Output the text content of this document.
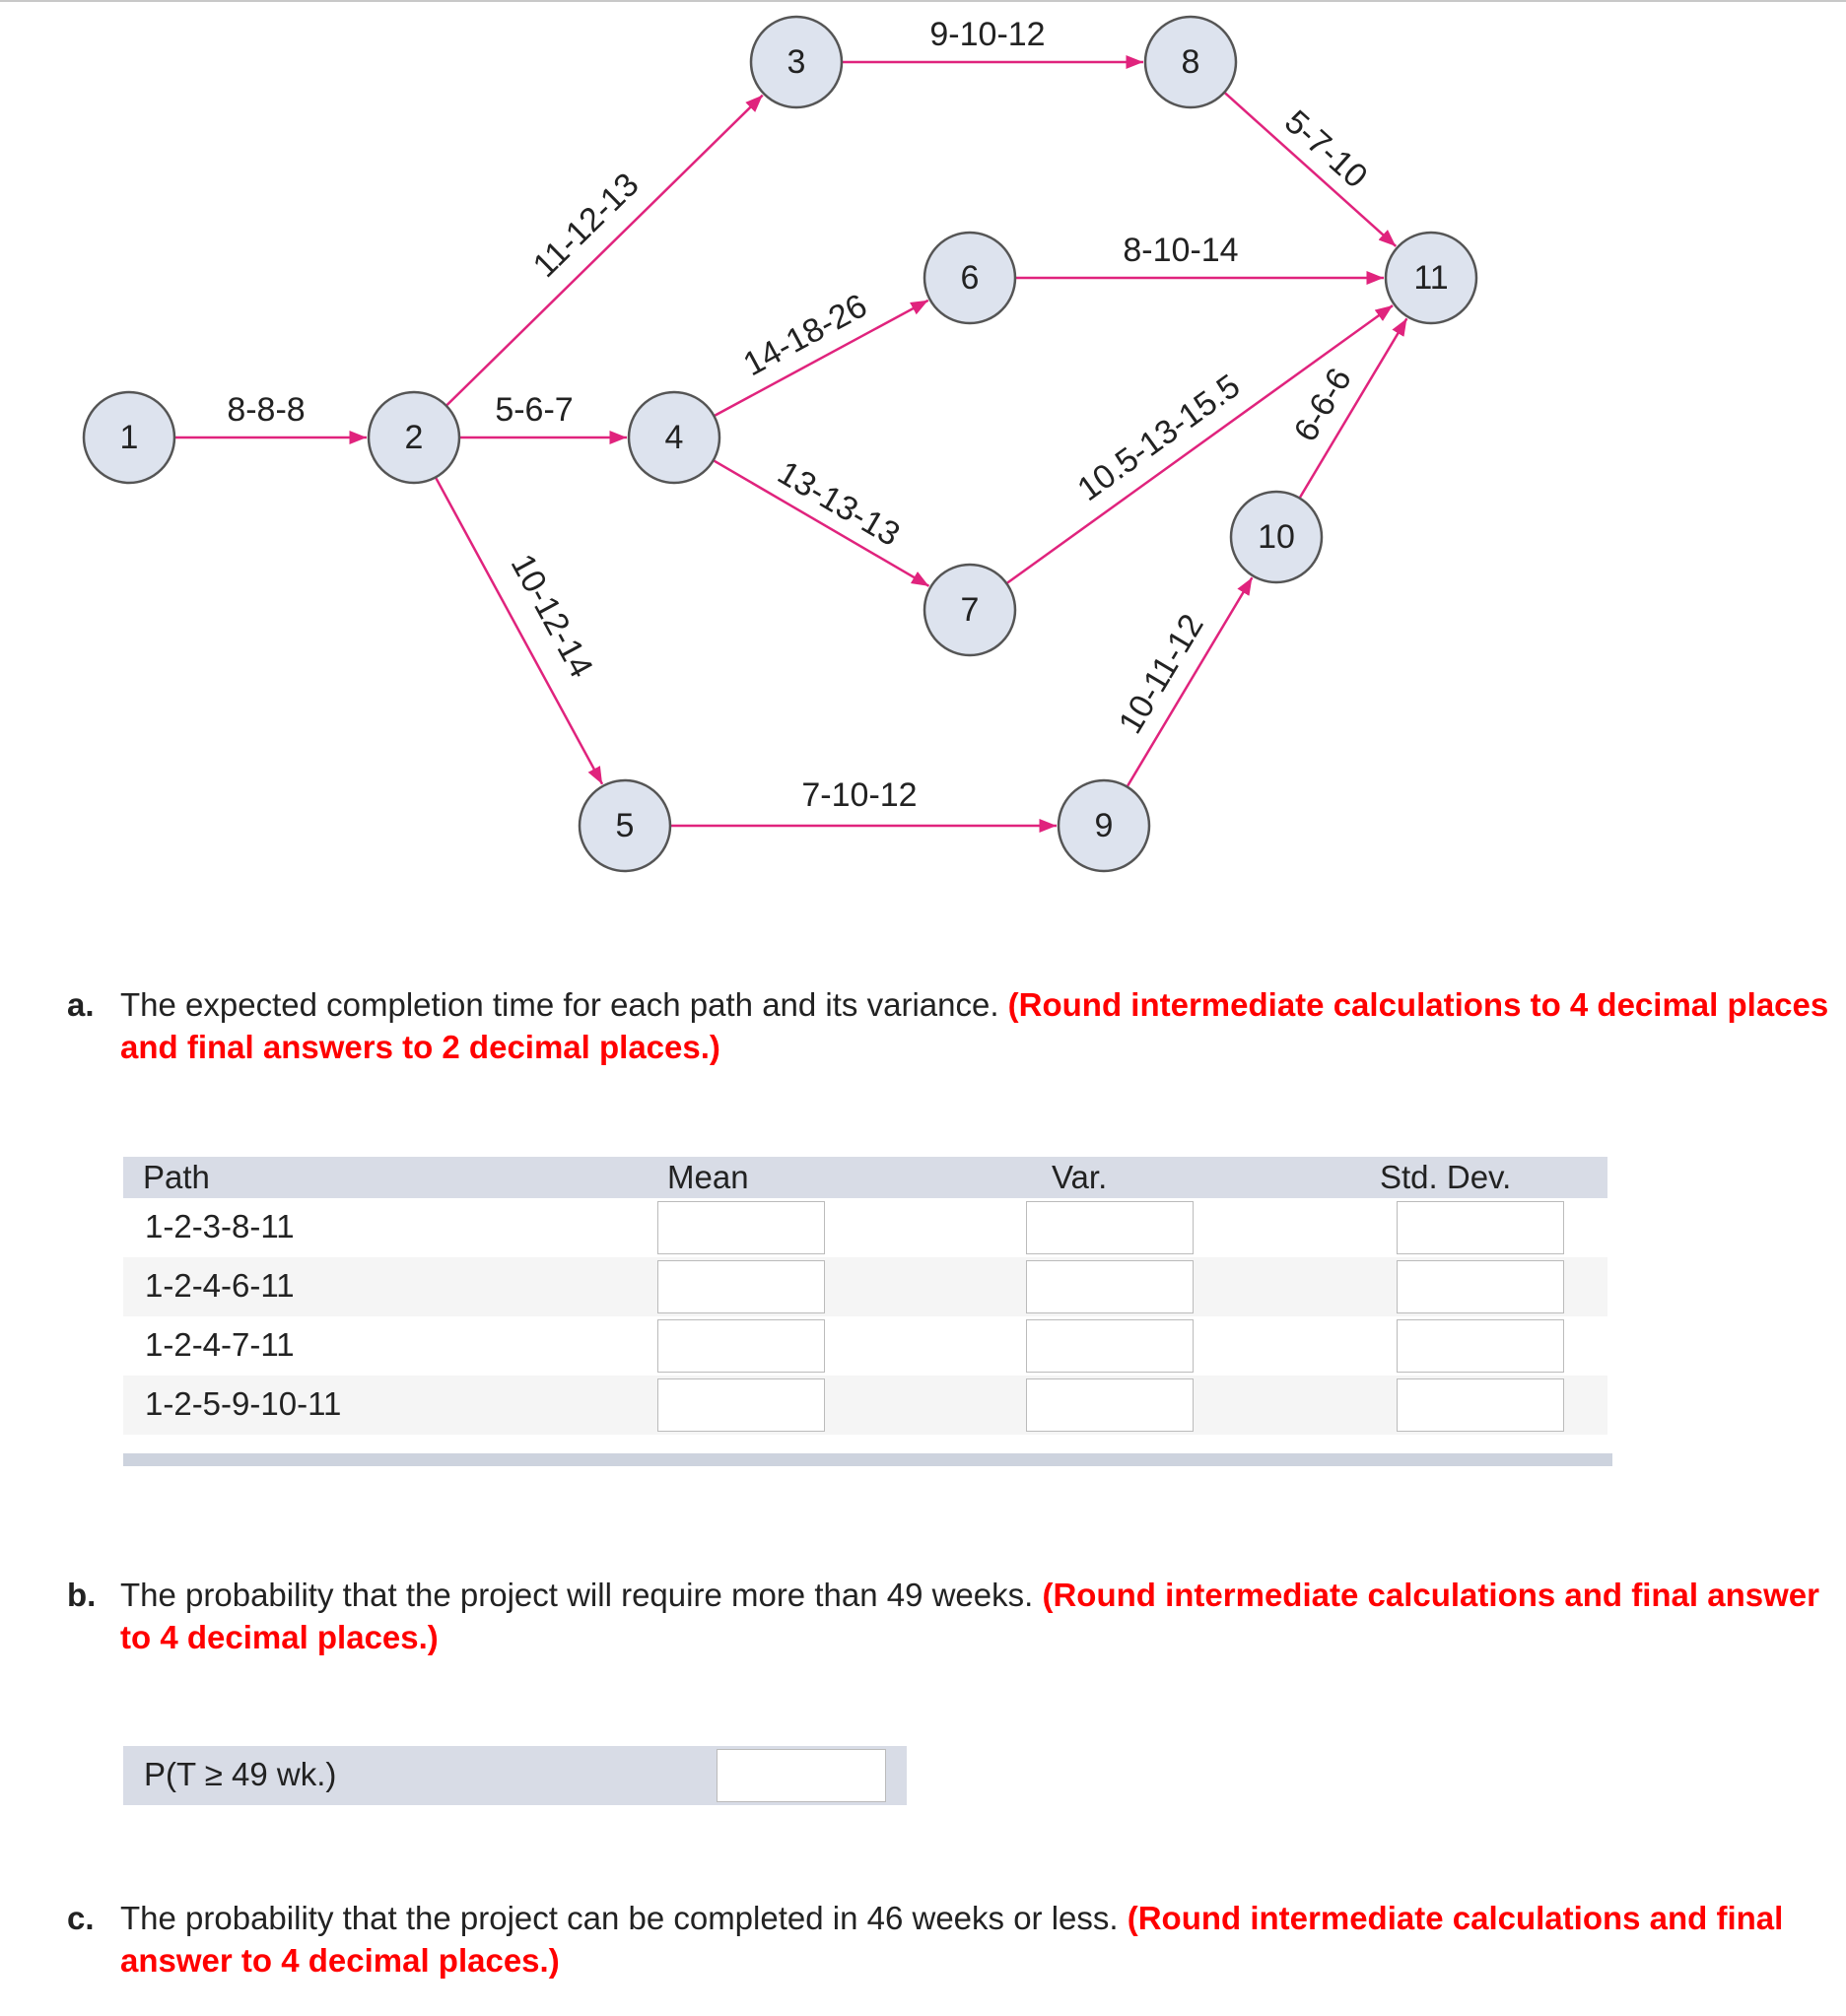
8-8-8
11-12-13
5-6-7
10-12-14
9-10-12
14-18-26
13-13-13
7-10-12
8-10-14
10.5-13-15.5
5-7-10
10-11-12
6-6-6
1	2
3
4
5
6
7
8
9
10
11
a. The expected completion time for each path and its variance. (Round intermediate calculations to 4 decimal places and final answers to 2 decimal places.)
Path	Mean	Var.	Std. Dev.
1-2-3-8-11
1-2-4-6-11
1-2-4-7-11
1-2-5-9-10-11
b. The probability that the project will require more than 49 weeks. (Round intermediate calculations and final answer to 4 decimal places.)
P(T ≥ 49 wk.)
c. The probability that the project can be completed in 46 weeks or less. (Round intermediate calculations and final answer to 4 decimal places.)
